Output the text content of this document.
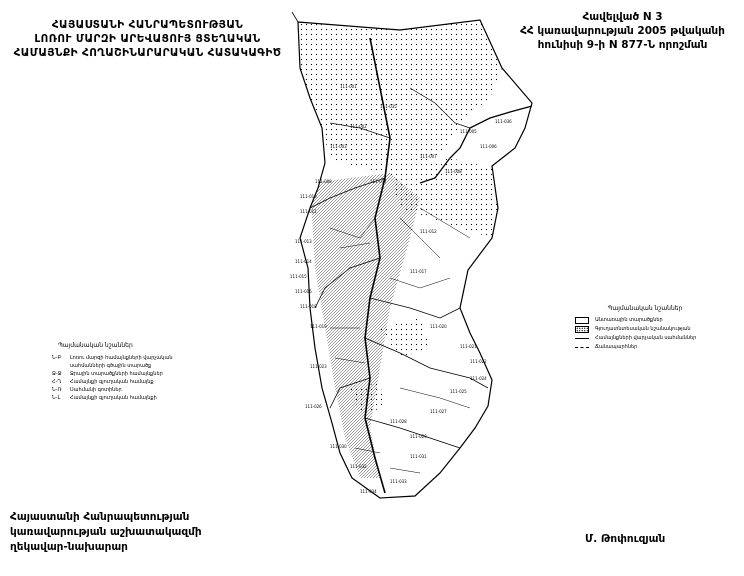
ՀԱՅԱՍՏԱՆԻ ՀԱՆՐԱՊԵՏՈՒԹՅԱՆ
ԼՈՌՈՒ ՄԱՐԶԻ ԱՐԵՎԱՑՈՒՅ ՑՏԵՂԱԿԱՆ
ՀԱՄԱՅՆՔԻ ՀՈՂԱՇԻՆԱՐԱՐԱԿԱՆ ՀԱՏԱԿԱԳԻԾ
Հավելված N 3
ՀՀ կառավարության 2005 թվականի
հունիսի 9-ի N 877-Ն որոշման
111-001
111-002
111-003
111-005
111-006
111-007
111-008
111-009
111-010
111-011
111-012
111-013
111-014
111-015
111-016
111-017
111-018
111-019	111-020
111-021
111-022
111-023
111-024
111-025
111-026
111-027
111-028
111-029
111-030
111-031
111-032
111-033
111-034
111-035
111-036
111-037
Պայմանական նշաններ
Ն-Բ	Լոռու մարզի համայնքների վարչական
սահմանների գծային տարածք
Ջ-Ջ	Ջրային տարածքների համայնքներ
Հ-Ղ	Համայնքի գյուղական համայնք
Ն-Ռ	Սահմանի գոտիներ
Ն-Լ	Համայնքի գյուղական համայնքի
Պայմանական նշաններ
Անտառային տարածքներ
Գյուղատնտեսական նշանակության
Համայնքների վարչական սահմաններ
Ճանապարհներ
Հայաստանի Հանրապետության
կառավարության աշխատակազմի
ղեկավար-նախարար
Մ. Թոփուզյան
